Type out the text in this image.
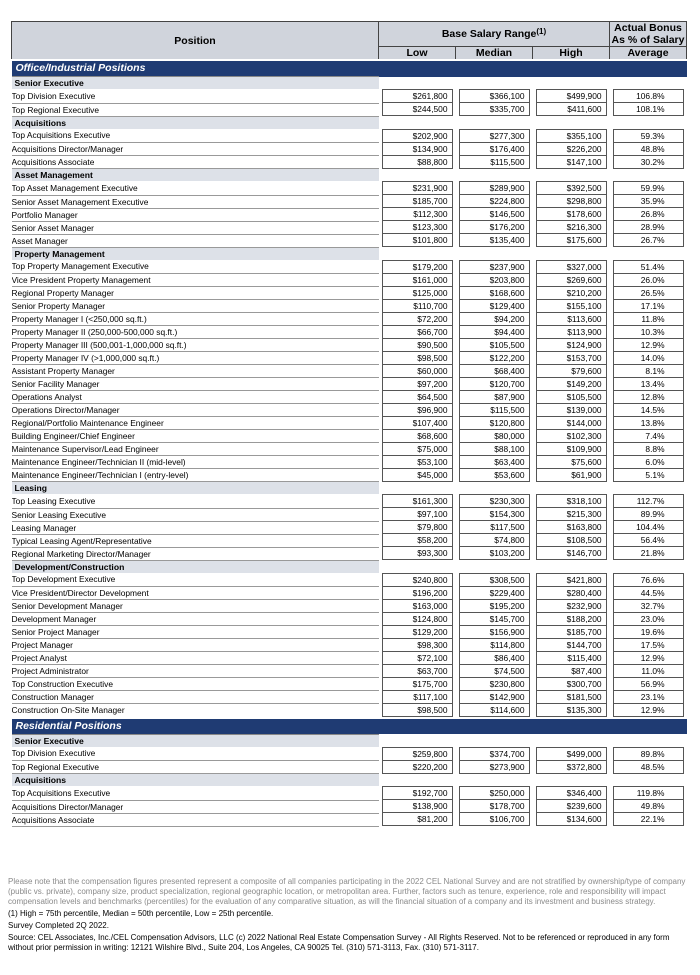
Position	Base Salary Range$^{(1)}$			Actual Bonus
As % of Salary
	Low	Median	High	Average
Office/Industrial Positions				
Senior Executive				
Top Division Executive	$261,800	$366,100	$499,900	106.8%

Top Regional Executive	$244,500	$335,700	$411,600	108.1%

Acquisitions				
Top Acquisitions Executive	$202,900	$277,300	$355,100	59.3%

Acquisitions Director/Manager	$134,900	$176,400	$226,200	48.8%

Acquisitions Associate	$88,800	$115,500	$147,100	30.2%

Asset Management				
Top Asset Management Executive	$231,900	$289,900	$392,500	59.9%

Senior Asset Management Executive	$185,700	$224,800	$298,800	35.9%

Portfolio Manager	$112,300	$146,500	$178,600	26.8%

Senior Asset Manager	$123,300	$176,200	$216,300	28.9%

Asset Manager	$101,800	$135,400	$175,600	26.7%

Property Management				
Top Property Management Executive	$179,200	$237,900	$327,000	51.4%

Vice President Property Management	$161,000	$203,800	$269,600	26.0%

Regional Property Manager	$125,000	$168,600	$210,200	26.5%

Senior Property Manager	$110,700	$129,400	$155,100	17.1%

Property Manager I (<250,000 sq.ft.)	$72,200	$94,200	$113,600	11.8%

Property Manager II (250,000-500,000 sq.ft.)	$66,700	$94,400	$113,900	10.3%

Property Manager III (500,001-1,000,000 sq.ft.)	$90,500	$105,500	$124,900	12.9%

Property Manager IV (>1,000,000 sq.ft.)	$98,500	$122,200	$153,700	14.0%

Assistant Property Manager	$60,000	$68,400	$79,600	8.1%

Senior Facility Manager	$97,200	$120,700	$149,200	13.4%

Operations Analyst	$64,500	$87,900	$105,500	12.8%

Operations Director/Manager	$96,900	$115,500	$139,000	14.5%

Regional/Portfolio Maintenance Engineer	$107,400	$120,800	$144,000	13.8%

Building Engineer/Chief Engineer	$68,600	$80,000	$102,300	7.4%

Maintenance Supervisor/Lead Engineer	$75,000	$88,100	$109,900	8.8%

Maintenance Engineer/Technician II (mid-level)	$53,100	$63,400	$75,600	6.0%

Maintenance Engineer/Technician I (entry-level)	$45,000	$53,600	$61,900	5.1%

Leasing				
Top Leasing Executive	$161,300	$230,300	$318,100	112.7%

Senior Leasing Executive	$97,100	$154,300	$215,300	89.9%

Leasing Manager	$79,800	$117,500	$163,800	104.4%

Typical Leasing Agent/Representative	$58,200	$74,800	$108,500	56.4%

Regional Marketing Director/Manager	$93,300	$103,200	$146,700	21.8%

Development/Construction				
Top Development Executive	$240,800	$308,500	$421,800	76.6%

Vice President/Director Development	$196,200	$229,400	$280,400	44.5%

Senior Development Manager	$163,000	$195,200	$232,900	32.7%

Development Manager	$124,800	$145,700	$188,200	23.0%

Senior Project Manager	$129,200	$156,900	$185,700	19.6%

Project Manager	$98,300	$114,800	$144,700	17.5%

Project Analyst	$72,100	$86,400	$115,400	12.9%

Project Administrator	$63,700	$74,500	$87,400	11.0%

Top Construction Executive	$175,700	$230,800	$300,700	56.9%

Construction Manager	$117,100	$142,900	$181,500	23.1%

Construction On-Site Manager	$98,500	$114,600	$135,300	12.9%

Residential Positions				
Senior Executive				
Top Division Executive	$259,800	$374,700	$499,000	89.8%

Top Regional Executive	$220,200	$273,900	$372,800	48.5%

Acquisitions				
Top Acquisitions Executive	$192,700	$250,000	$346,400	119.8%

Acquisitions Director/Manager	$138,900	$178,700	$239,600	49.8%

Acquisitions Associate	$81,200	$106,700	$134,600	22.1%

Please note that the compensation figures presented represent a composite of all companies participating in the 2022 CEL National Survey and are not stratified by ownership/type of company (public vs. private), company size, product specialization, regional geographic location, or metropolitan area. Further, factors such as tenure, experience, role and responsibility will impact compensation levels and benchmarks (percentiles) for the evaluation of any comparative situation, as will the financial situation of a company and its investment and business strategy.

(1) High = 75th percentile, Median = 50th percentile, Low = 25th percentile.

Survey Completed 2Q 2022.

Source: CEL Associates, Inc./CEL Compensation Advisors, LLC (c) 2022 National Real Estate Compensation Survey - All Rights Reserved. Not to be referenced or reproduced in any form without prior permission in writing: 12121 Wilshire Blvd., Suite 204, Los Angeles, CA 90025 Tel. (310) 571-3113, Fax. (310) 571-3117.
